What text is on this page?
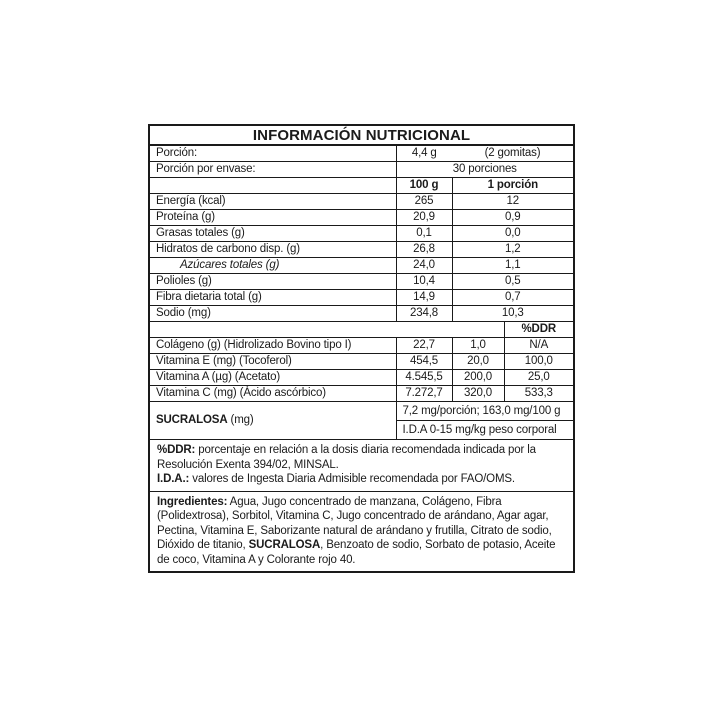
INFORMACIÓN NUTRICIONAL			
Porción:	4,4 g	(2 gomitas)	
Porción por envase:	30 porciones		
	100 g	1 porción	
Energía (kcal)	265	12	
Proteína (g)	20,9	0,9	
Grasas totales (g)	0,1	0,0	
Hidratos de carbono disp. (g)	26,8	1,2	
Azúcares totales (g)	24,0	1,1	
Polioles (g)	10,4	0,5	
Fibra dietaria total (g)	14,9	0,7	
Sodio (mg)	234,8	10,3	
			%DDR
Colágeno (g) (Hidrolizado Bovino tipo I)	22,7	1,0	N/A
Vitamina E (mg) (Tocoferol)	454,5	20,0	100,0
Vitamina A (µg) (Acetato)	4.545,5	200,0	25,0
Vitamina C (mg) (Ácido ascórbico)	7.272,7	320,0	533,3
SUCRALOSA (mg)	7,2 mg/porción; 163,0 mg/100 g		
	I.D.A 0-15 mg/kg peso corporal		

%DDR: porcentaje en relación a la dosis diaria recomendada indicada por la Resolución Exenta 394/02, MINSAL.

I.D.A.: valores de Ingesta Diaria Admisible recomendada por FAO/OMS.			

Ingredientes: Agua, Jugo concentrado de manzana, Colágeno, Fibra (Polidextrosa), Sorbitol, Vitamina C, Jugo concentrado de arándano, Agar agar, Pectina, Vitamina E, Saborizante natural de arándano y frutilla, Citrato de sodio, Dióxido de titanio, SUCRALOSA, Benzoato de sodio, Sorbato de potasio, Aceite de coco, Vitamina A y Colorante rojo 40.			
